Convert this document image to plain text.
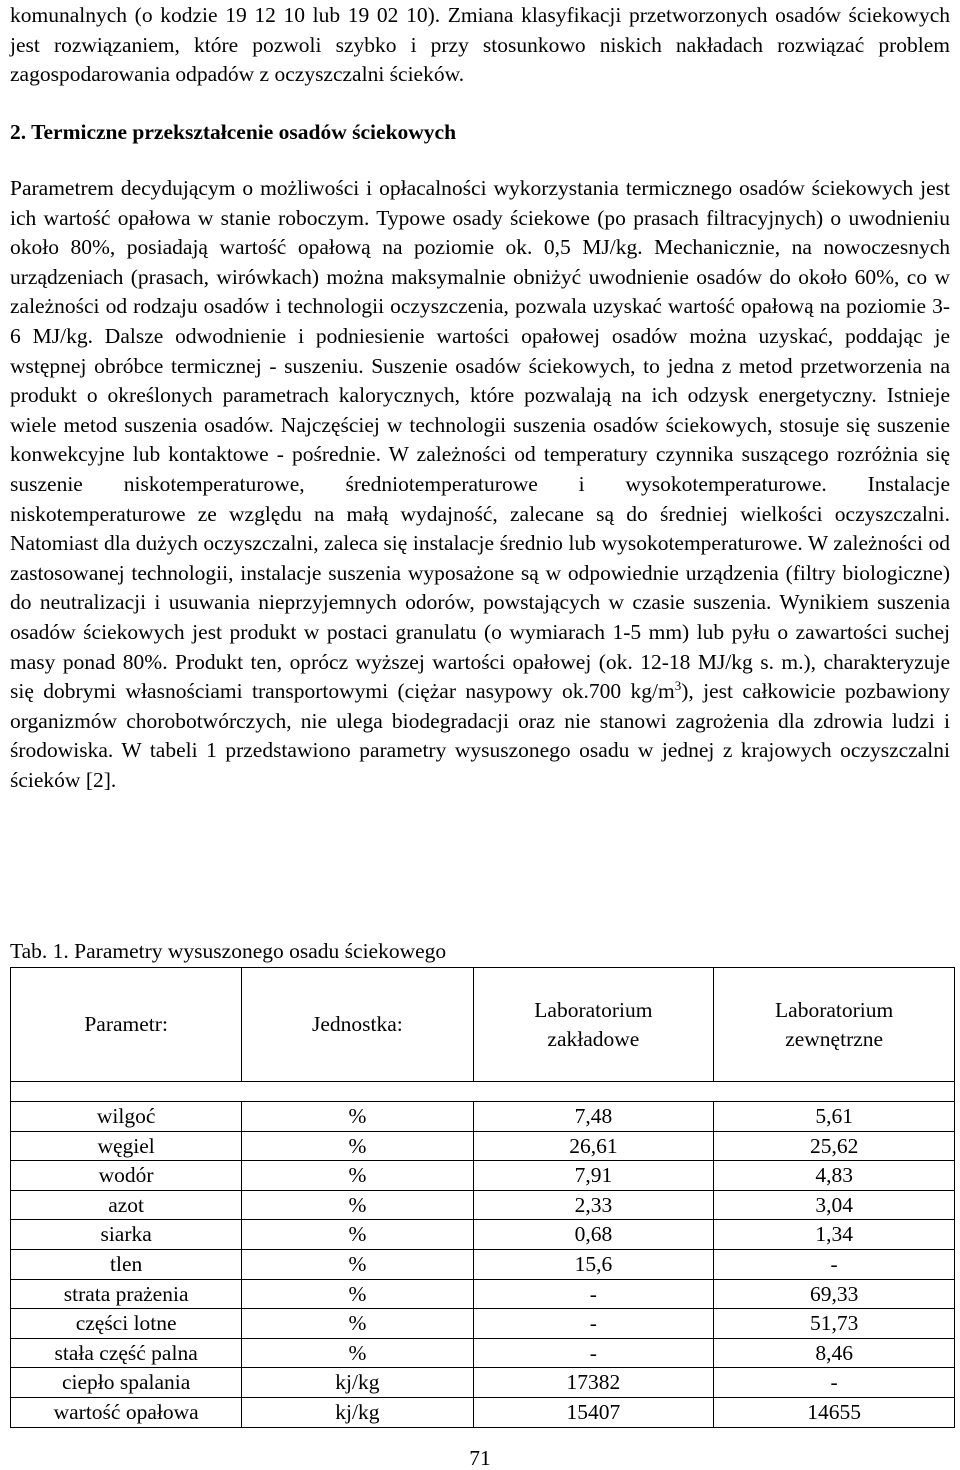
komunalnych (o kodzie 19 12 10 lub 19 02 10). Zmiana klasyfikacji przetworzonych osadów ściekowych jest rozwiązaniem, które pozwoli szybko i przy stosunkowo niskich nakładach rozwiązać problem zagospodarowania odpadów z oczyszczalni ścieków.

2. Termiczne przekształcenie osadów ściekowych

Parametrem decydującym o możliwości i opłacalności wykorzystania termicznego osadów ściekowych jest ich wartość opałowa w stanie roboczym. Typowe osady ściekowe (po prasach filtracyjnych) o uwodnieniu około 80%, posiadają wartość opałową na poziomie ok. 0,5 MJ/kg. Mechanicznie, na nowoczesnych urządzeniach (prasach, wirówkach) można maksymalnie obniżyć uwodnienie osadów do około 60%, co w zależności od rodzaju osadów i technologii oczyszczenia, pozwala uzyskać wartość opałową na poziomie 3-6 MJ/kg. Dalsze odwodnienie i podniesienie wartości opałowej osadów można uzyskać, poddając je wstępnej obróbce termicznej - suszeniu. Suszenie osadów ściekowych, to jedna z metod przetworzenia na produkt o określonych parametrach kalorycznych, które pozwalają na ich odzysk energetyczny. Istnieje wiele metod suszenia osadów. Najczęściej w technologii suszenia osadów ściekowych, stosuje się suszenie konwekcyjne lub kontaktowe - pośrednie. W zależności od temperatury czynnika suszącego rozróżnia się suszenie niskotemperaturowe, średniotemperaturowe i wysokotemperaturowe. Instalacje niskotemperaturowe ze względu na małą wydajność, zalecane są do średniej wielkości oczyszczalni. Natomiast dla dużych oczyszczalni, zaleca się instalacje średnio lub wysokotemperaturowe. W zależności od zastosowanej technologii, instalacje suszenia wyposażone są w odpowiednie urządzenia (filtry biologiczne) do neutralizacji i usuwania nieprzyjemnych odorów, powstających w czasie suszenia. Wynikiem suszenia osadów ściekowych jest produkt w postaci granulatu (o wymiarach 1-5 mm) lub pyłu o zawartości suchej masy ponad 80%. Produkt ten, oprócz wyższej wartości opałowej (ok. 12-18 MJ/kg s. m.), charakteryzuje się dobrymi własnościami transportowymi (ciężar nasypowy ok.700 $kg/m^3$), jest całkowicie pozbawiony organizmów chorobotwórczych, nie ulega biodegradacji oraz nie stanowi zagrożenia dla zdrowia ludzi i środowiska. W tabeli 1 przedstawiono parametry wysuszonego osadu w jednej z krajowych oczyszczalni ścieków [2].

Tab. 1. Parametry wysuszonego osadu ściekowego
Parametr:	Jednostka:	Laboratorium zakładowe	Laboratorium zewnętrzne

wilgoć	%	7,48	5,61
węgiel	%	26,61	25,62
wodór	%	7,91	4,83
azot	%	2,33	3,04
siarka	%	0,68	1,34
tlen	%	15,6	-
strata prażenia	%	-	69,33
części lotne	%	-	51,73
stała część palna	%	-	8,46
ciepło spalania	kj/kg	17382	-
wartość opałowa	kj/kg	15407	14655
71
